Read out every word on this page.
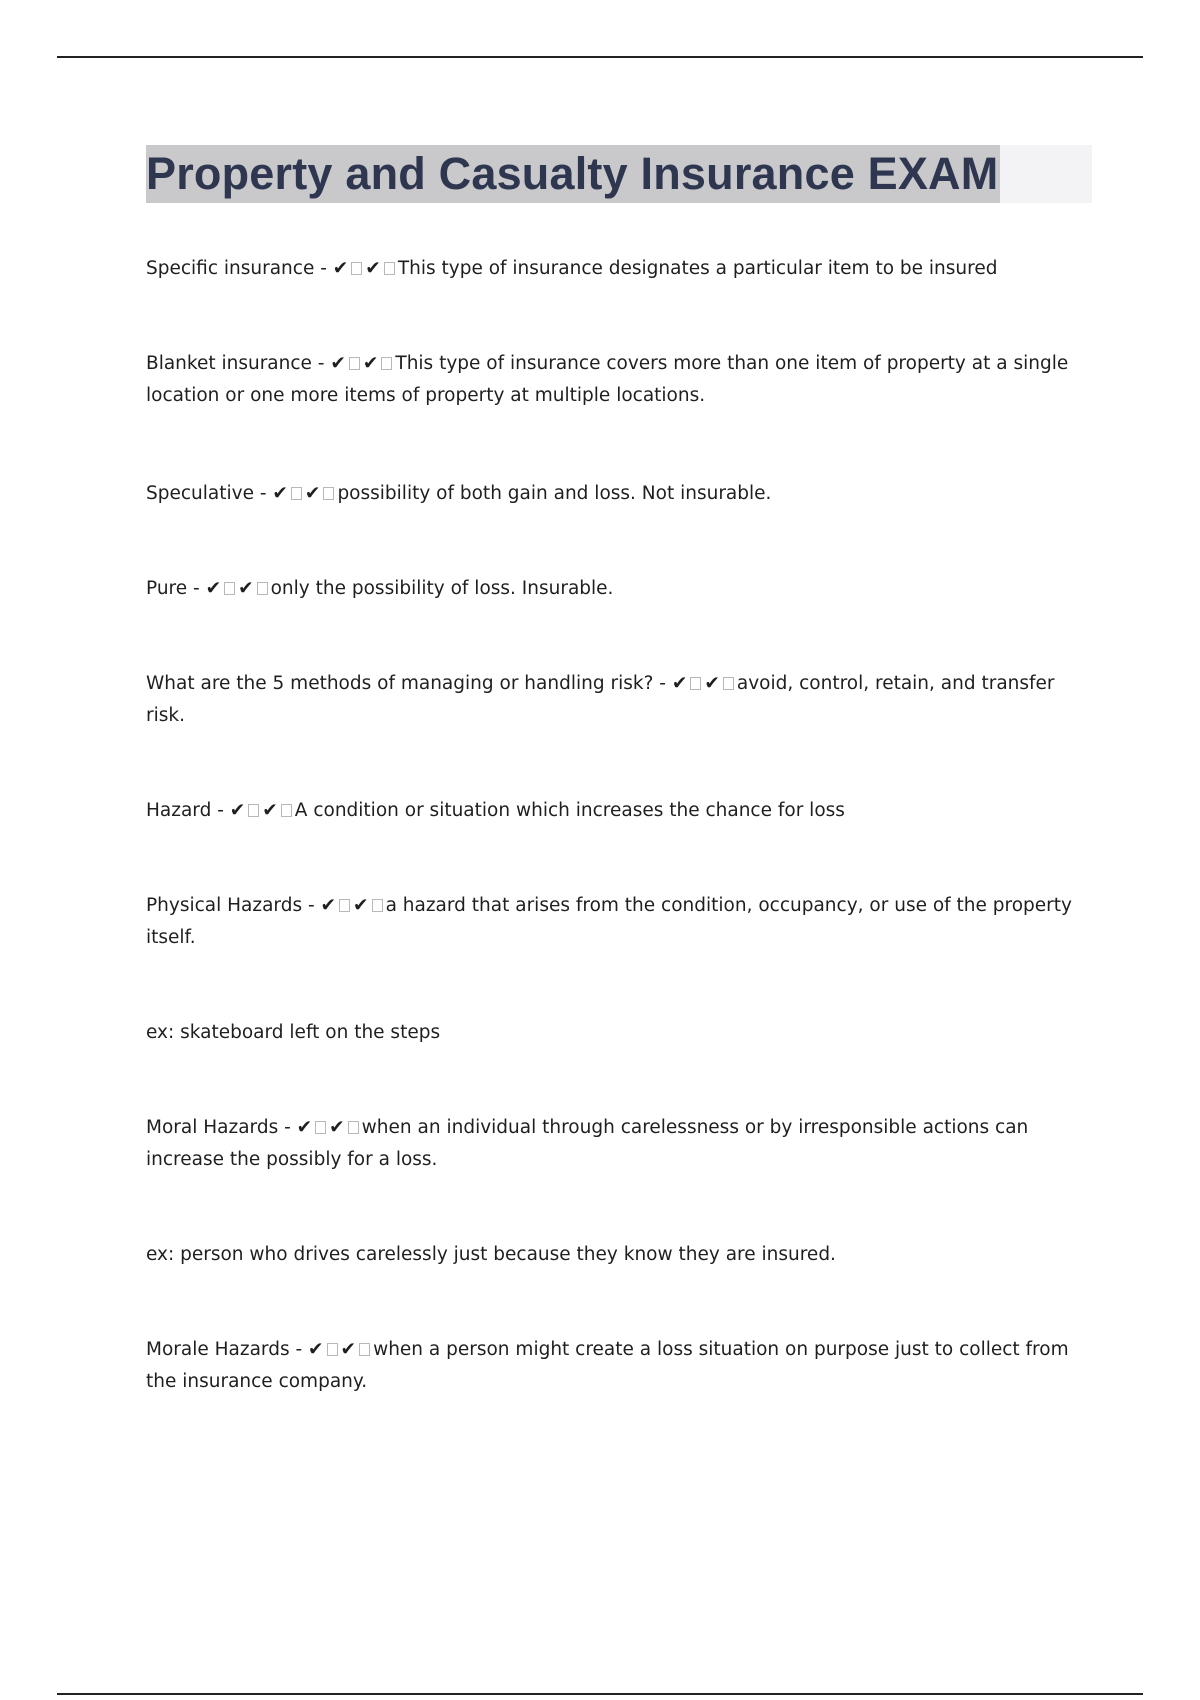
Property and Casualty Insurance EXAM

Specific insurance - ✔ ✔ This type of insurance designates a particular item to be insured

Blanket insurance - ✔ ✔ This type of insurance covers more than one item of property at a single location or one more items of property at multiple locations.

Speculative - ✔ ✔ possibility of both gain and loss. Not insurable.

Pure - ✔ ✔ only the possibility of loss. Insurable.

What are the 5 methods of managing or handling risk? - ✔ ✔ avoid, control, retain, and transfer risk.

Hazard - ✔ ✔ A condition or situation which increases the chance for loss

Physical Hazards - ✔ ✔ a hazard that arises from the condition, occupancy, or use of the property itself.

ex: skateboard left on the steps

Moral Hazards - ✔ ✔ when an individual through carelessness or by irresponsible actions can increase the possibly for a loss.

ex: person who drives carelessly just because they know they are insured.

Morale Hazards - ✔ ✔ when a person might create a loss situation on purpose just to collect from the insurance company.
